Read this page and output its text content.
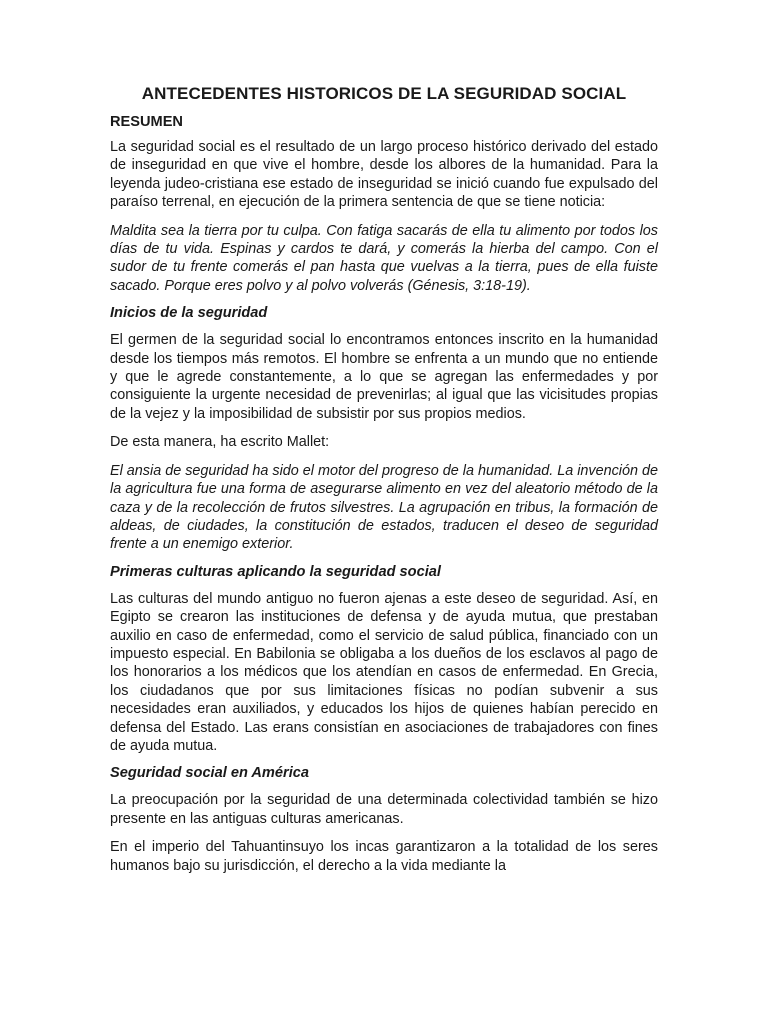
ANTECEDENTES HISTORICOS DE LA SEGURIDAD SOCIAL
RESUMEN

La seguridad social es el resultado de un largo proceso histórico derivado del estado de inseguridad en que vive el hombre, desde los albores de la humanidad. Para la leyenda judeo-cristiana ese estado de inseguridad se inició cuando fue expulsado del paraíso terrenal, en ejecución de la primera sentencia de que se tiene noticia:

Maldita sea la tierra por tu culpa. Con fatiga sacarás de ella tu alimento por todos los días de tu vida. Espinas y cardos te dará, y comerás la hierba del campo. Con el sudor de tu frente comerás el pan hasta que vuelvas a la tierra, pues de ella fuiste sacado. Porque eres polvo y al polvo volverás (Génesis, 3:18-19).

Inicios de la seguridad

El germen de la seguridad social lo encontramos entonces inscrito en la humanidad desde los tiempos más remotos. El hombre se enfrenta a un mundo que no entiende y que le agrede constantemente, a lo que se agregan las enfermedades y por consiguiente la urgente necesidad de prevenirlas; al igual que las vicisitudes propias de la vejez y la imposibilidad de subsistir por sus propios medios.

De esta manera, ha escrito Mallet:

El ansia de seguridad ha sido el motor del progreso de la humanidad. La invención de la agricultura fue una forma de asegurarse alimento en vez del aleatorio método de la caza y de la recolección de frutos silvestres. La agrupación en tribus, la formación de aldeas, de ciudades, la constitución de estados, traducen el deseo de seguridad frente a un enemigo exterior.

Primeras culturas aplicando la seguridad social

Las culturas del mundo antiguo no fueron ajenas a este deseo de seguridad. Así, en Egipto se crearon las instituciones de defensa y de ayuda mutua, que prestaban auxilio en caso de enfermedad, como el servicio de salud pública, financiado con un impuesto especial. En Babilonia se obligaba a los dueños de los esclavos al pago de los honorarios a los médicos que los atendían en casos de enfermedad. En Grecia, los ciudadanos que por sus limitaciones físicas no podían subvenir a sus necesidades eran auxiliados, y educados los hijos de quienes habían perecido en defensa del Estado. Las erans consistían en asociaciones de trabajadores con fines de ayuda mutua.

Seguridad social en América

La preocupación por la seguridad de una determinada colectividad también se hizo presente en las antiguas culturas americanas.

En el imperio del Tahuantinsuyo los incas garantizaron a la totalidad de los seres humanos bajo su jurisdicción, el derecho a la vida mediante la
